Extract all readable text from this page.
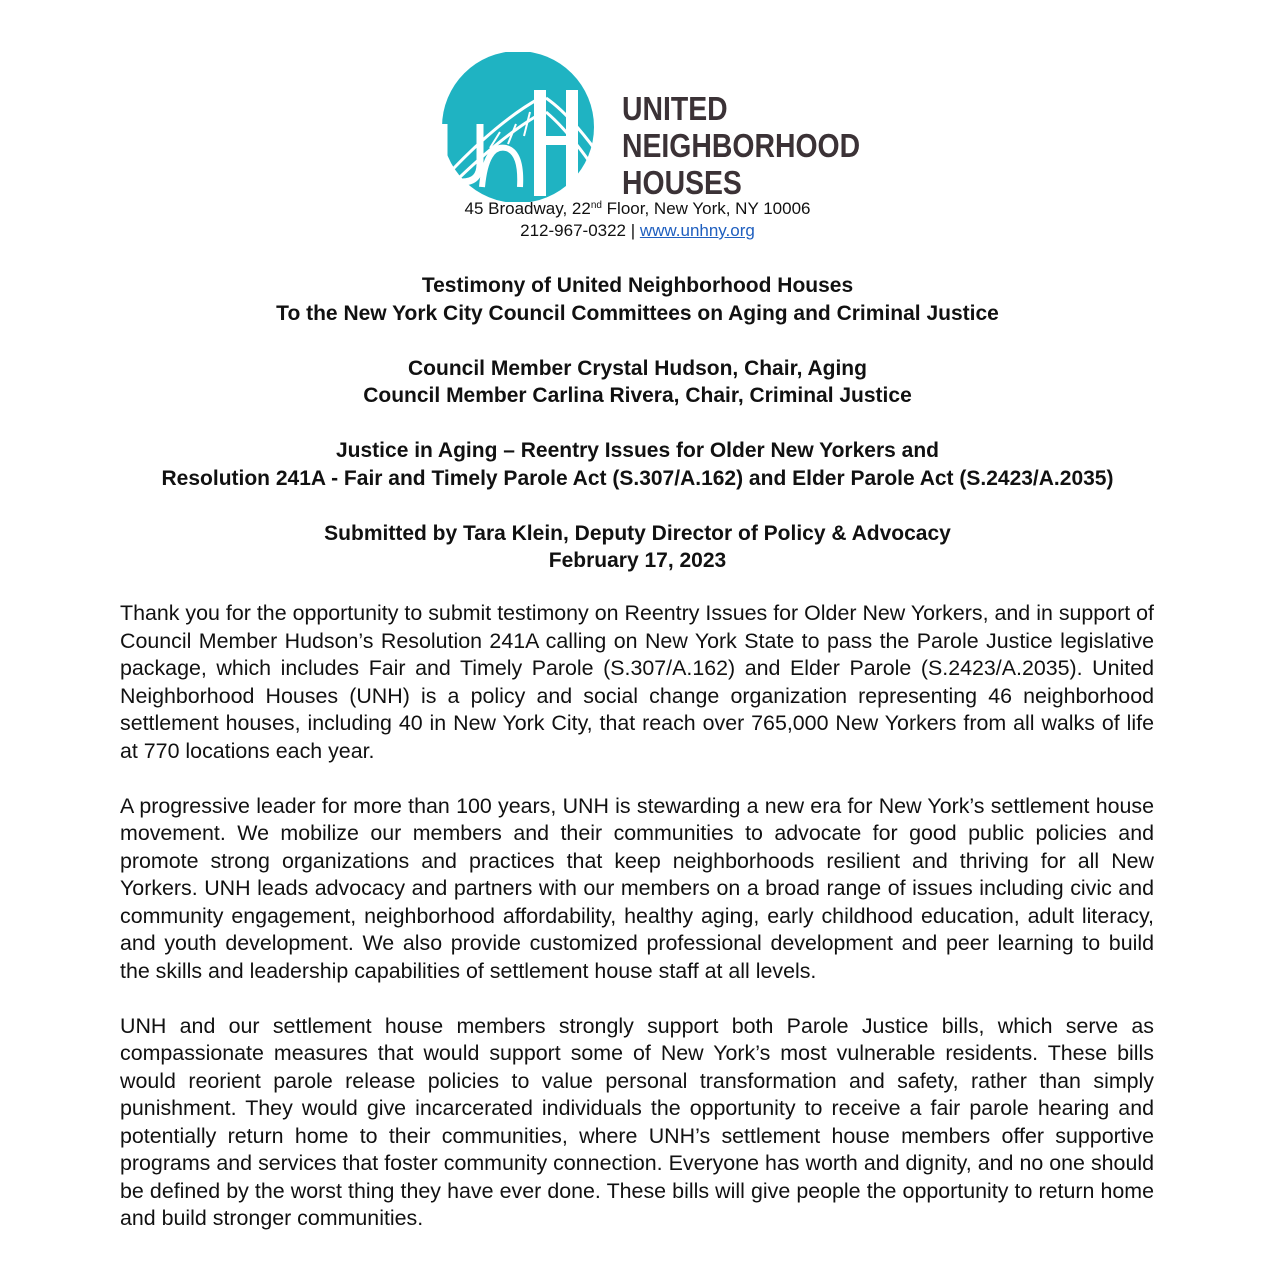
UNITED
NEIGHBORHOOD
HOUSES
45 Broadway, 22nd Floor, New York, NY 10006
212-967-0322 | www.unhny.org
Testimony of United Neighborhood Houses
To the New York City Council Committees on Aging and Criminal Justice
Council Member Crystal Hudson, Chair, Aging
Council Member Carlina Rivera, Chair, Criminal Justice
Justice in Aging – Reentry Issues for Older New Yorkers and
Resolution 241A - Fair and Timely Parole Act (S.307/A.162) and Elder Parole Act (S.2423/A.2035)
Submitted by Tara Klein, Deputy Director of Policy & Advocacy
February 17, 2023

Thank you for the opportunity to submit testimony on Reentry Issues for Older New Yorkers, and in support of Council Member Hudson’s Resolution 241A calling on New York State to pass the Parole Justice legislative package, which includes Fair and Timely Parole (S.307/A.162) and Elder Parole (S.2423/A.2035). United Neighborhood Houses (UNH) is a policy and social change organization representing 46 neighborhood settlement houses, including 40 in New York City, that reach over 765,000 New Yorkers from all walks of life at 770 locations each year.

A progressive leader for more than 100 years, UNH is stewarding a new era for New York’s settlement house movement. We mobilize our members and their communities to advocate for good public policies and promote strong organizations and practices that keep neighborhoods resilient and thriving for all New Yorkers. UNH leads advocacy and partners with our members on a broad range of issues including civic and community engagement, neighborhood affordability, healthy aging, early childhood education, adult literacy, and youth development. We also provide customized professional development and peer learning to build the skills and leadership capabilities of settlement house staff at all levels.

UNH and our settlement house members strongly support both Parole Justice bills, which serve as compassionate measures that would support some of New York’s most vulnerable residents. These bills would reorient parole release policies to value personal transformation and safety, rather than simply punishment. They would give incarcerated individuals the opportunity to receive a fair parole hearing and potentially return home to their communities, where UNH’s settlement house members offer supportive programs and services that foster community connection. Everyone has worth and dignity, and no one should be defined by the worst thing they have ever done. These bills will give people the opportunity to return home and build stronger communities.
